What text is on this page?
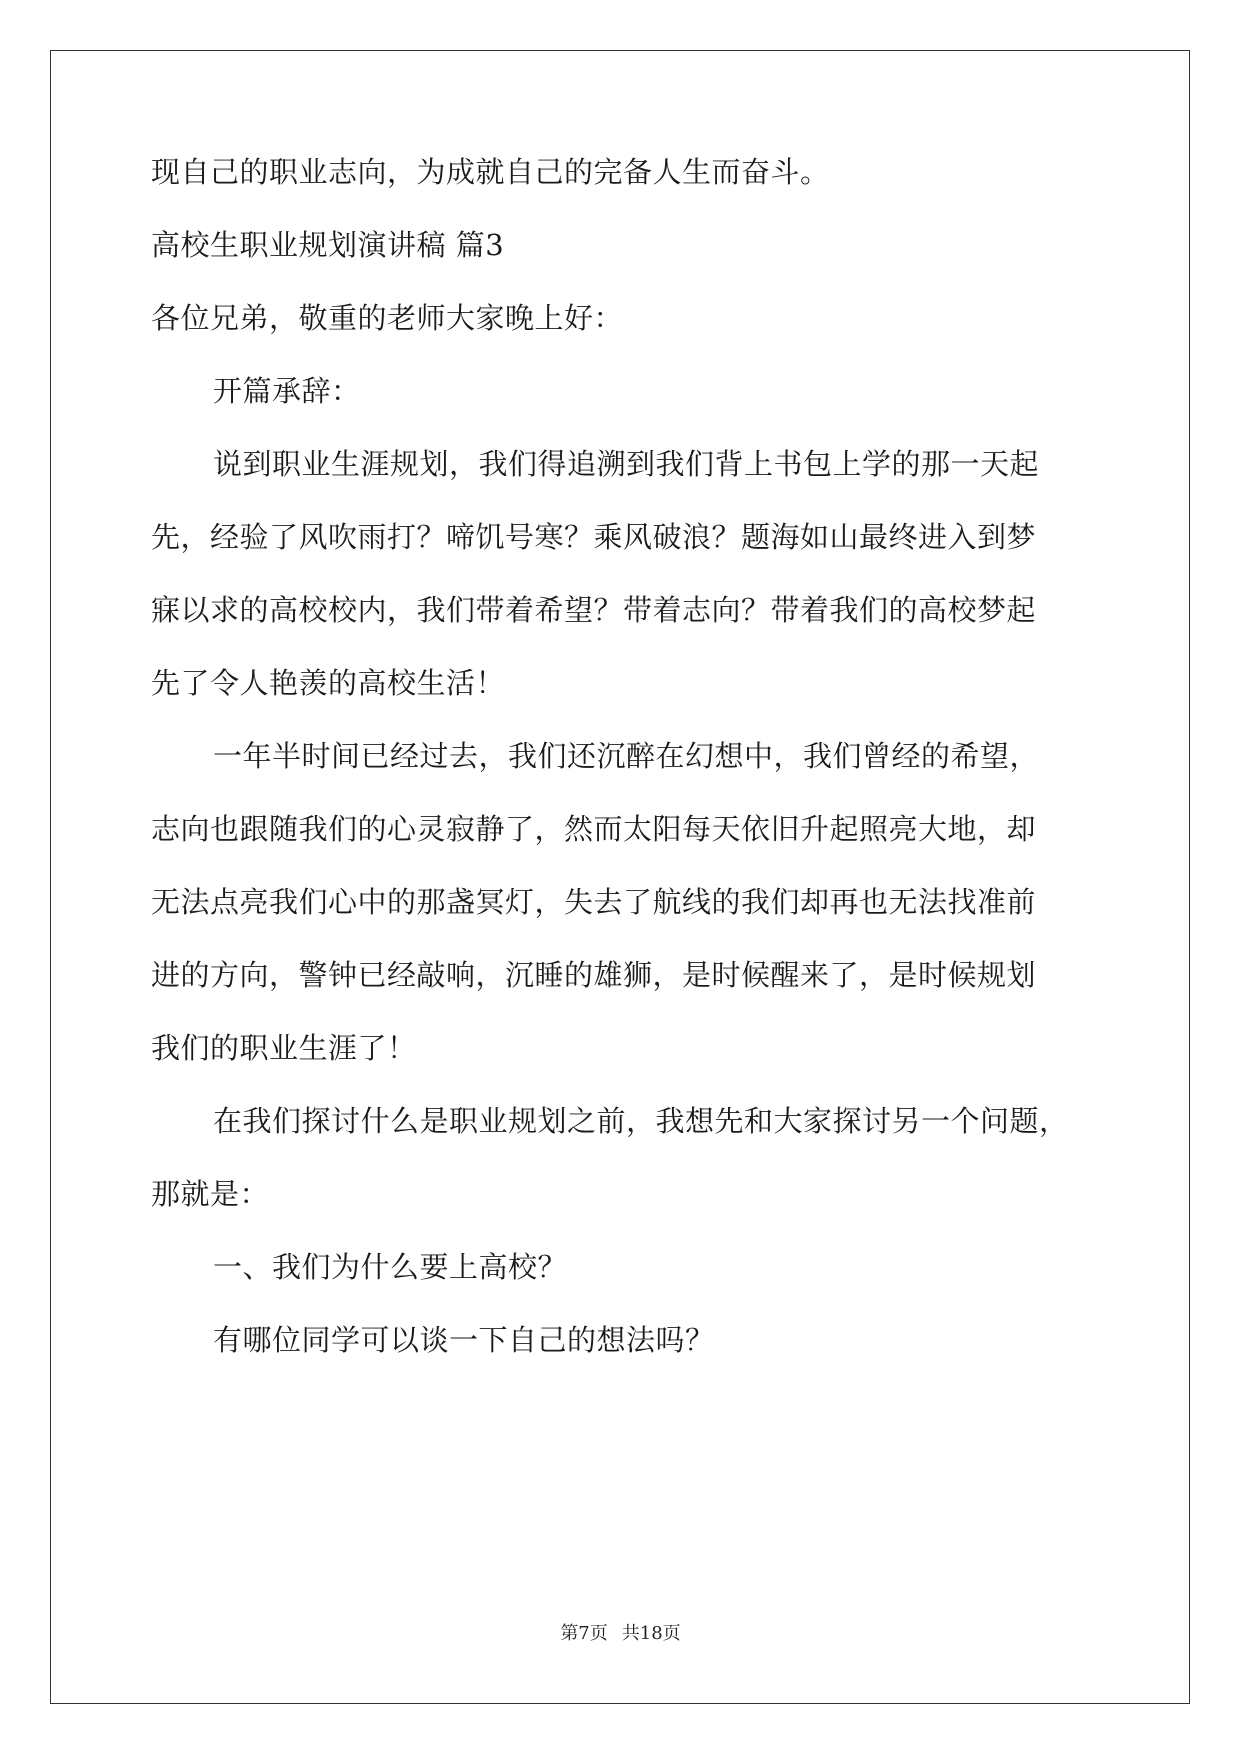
现自己的职业志向，为成就自己的完备人生而奋斗。
高校生职业规划演讲稿 篇3
各位兄弟，敬重的老师大家晚上好：
开篇承辞：
说到职业生涯规划，我们得追溯到我们背上书包上学的那一天起
先，经验了风吹雨打？啼饥号寒？乘风破浪？题海如山最终进入到梦
寐以求的高校校内，我们带着希望？带着志向？带着我们的高校梦起
先了令人艳羡的高校生活！
一年半时间已经过去，我们还沉醉在幻想中，我们曾经的希望，
志向也跟随我们的心灵寂静了，然而太阳每天依旧升起照亮大地，却
无法点亮我们心中的那盏冥灯，失去了航线的我们却再也无法找准前
进的方向，警钟已经敲响，沉睡的雄狮，是时候醒来了，是时候规划
我们的职业生涯了！
在我们探讨什么是职业规划之前，我想先和大家探讨另一个问题，
那就是：
一、我们为什么要上高校？
有哪位同学可以谈一下自己的想法吗？
第7页 共18页
